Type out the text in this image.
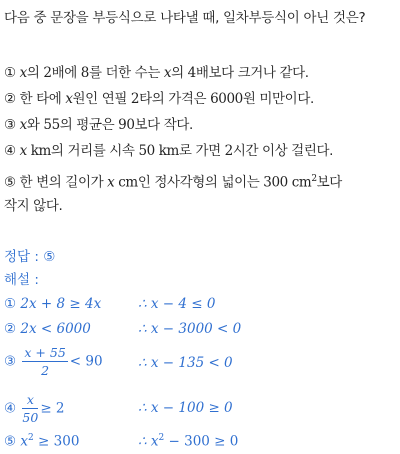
다음 중 문장을 부등식으로 나타낼 때, 일차부등식이 아닌 것은?
① x의 2배에 8를 더한 수는 x의 4배보다 크거나 같다.
② 한 타에 x원인 연필 2타의 가격은 6000원 미만이다.
③ x와 55의 평균은 90보다 작다.
④ x km의 거리를 시속 50 km로 가면 2시간 이상 걸린다.
⑤ 한 변의 길이가 x cm인 정사각형의 넓이는 300 $cm^2$보다
작지 않다.
정답 : ⑤
해설 :
① 2x + 8 ≥ 4x	∴ x − 4 ≤ 0
② 2x < 6000	∴ x − 3000 < 0
③ $\frac{x + 55}{2} < 90$	∴ x − 135 < 0
④ $\frac{x}{50} \ge 2$	∴ x − 100 ≥ 0
⑤ $x^2 \ge 300$	∴ $x^2 - 300 \ge 0$
